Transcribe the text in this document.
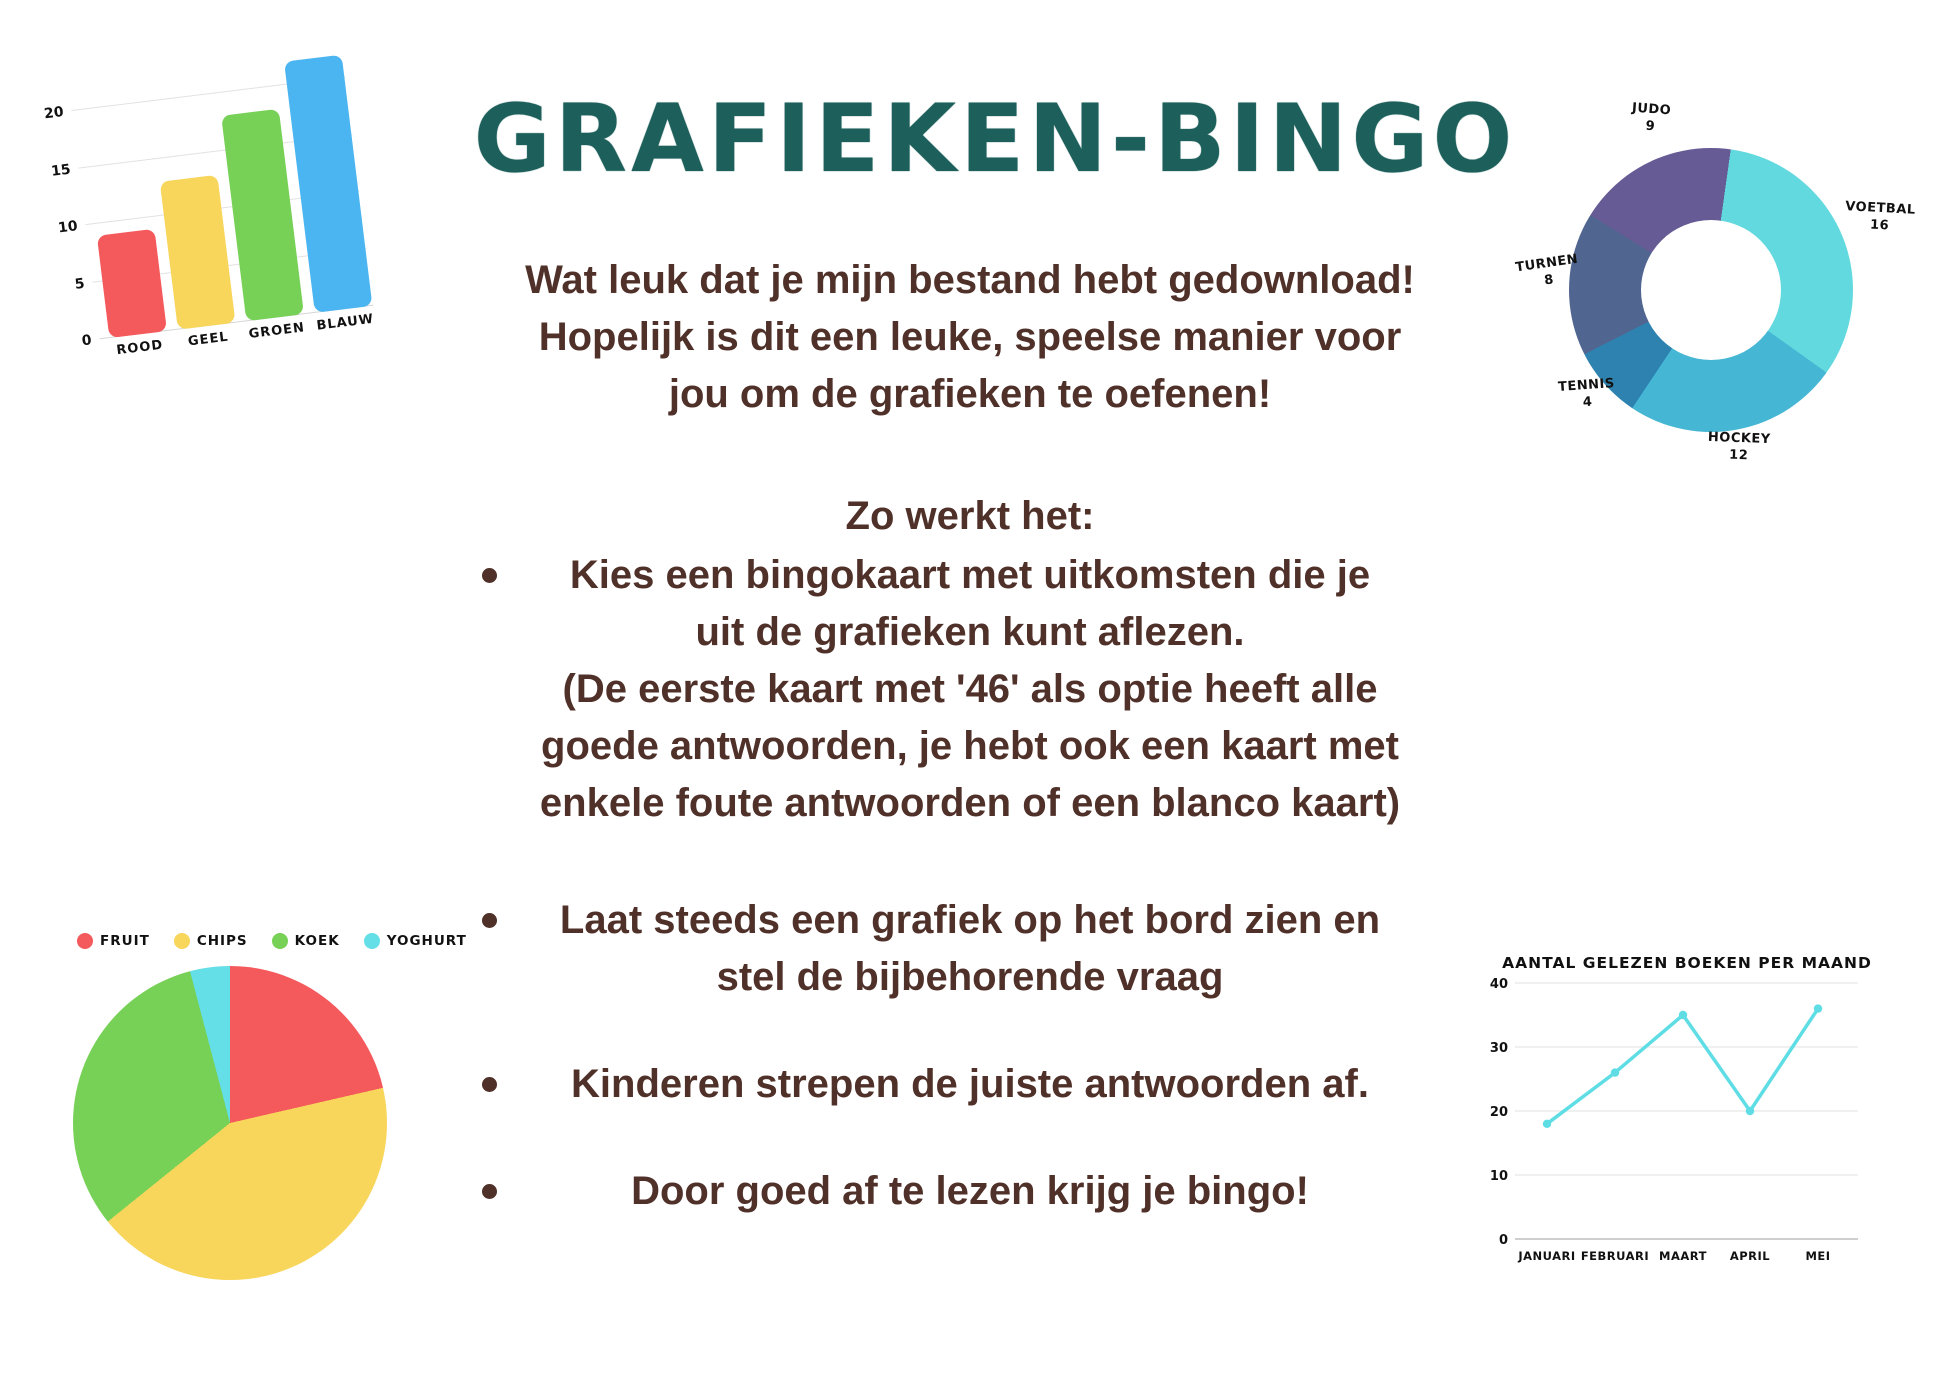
0
5
10
15
20
ROOD	GEEL	GROEN BLAUW
GRAFIEKEN-BINGO
VOETBAL
16
HOCKEY
12
TENNIS
4
TURNEN
8
JUDO
9
Wat leuk dat je mijn bestand hebt gedownload!
Hopelijk is dit een leuke, speelse manier voor
jou om de grafieken te oefenen!
Zo werkt het:
Kies een bingokaart met uitkomsten die je
uit de grafieken kunt aflezen.
(De eerste kaart met '46' als optie heeft alle
goede antwoorden, je hebt ook een kaart met
enkele foute antwoorden of een blanco kaart)
Laat steeds een grafiek op het bord zien en
stel de bijbehorende vraag
Kinderen strepen de juiste antwoorden af.
Door goed af te lezen krijg je bingo!
FRUIT	CHIPS	KOEK	YOGHURT
AANTAL GELEZEN BOEKEN PER MAAND
0
10
20
30
40
JANUARI FEBRUARI MAART APRIL	MEI
